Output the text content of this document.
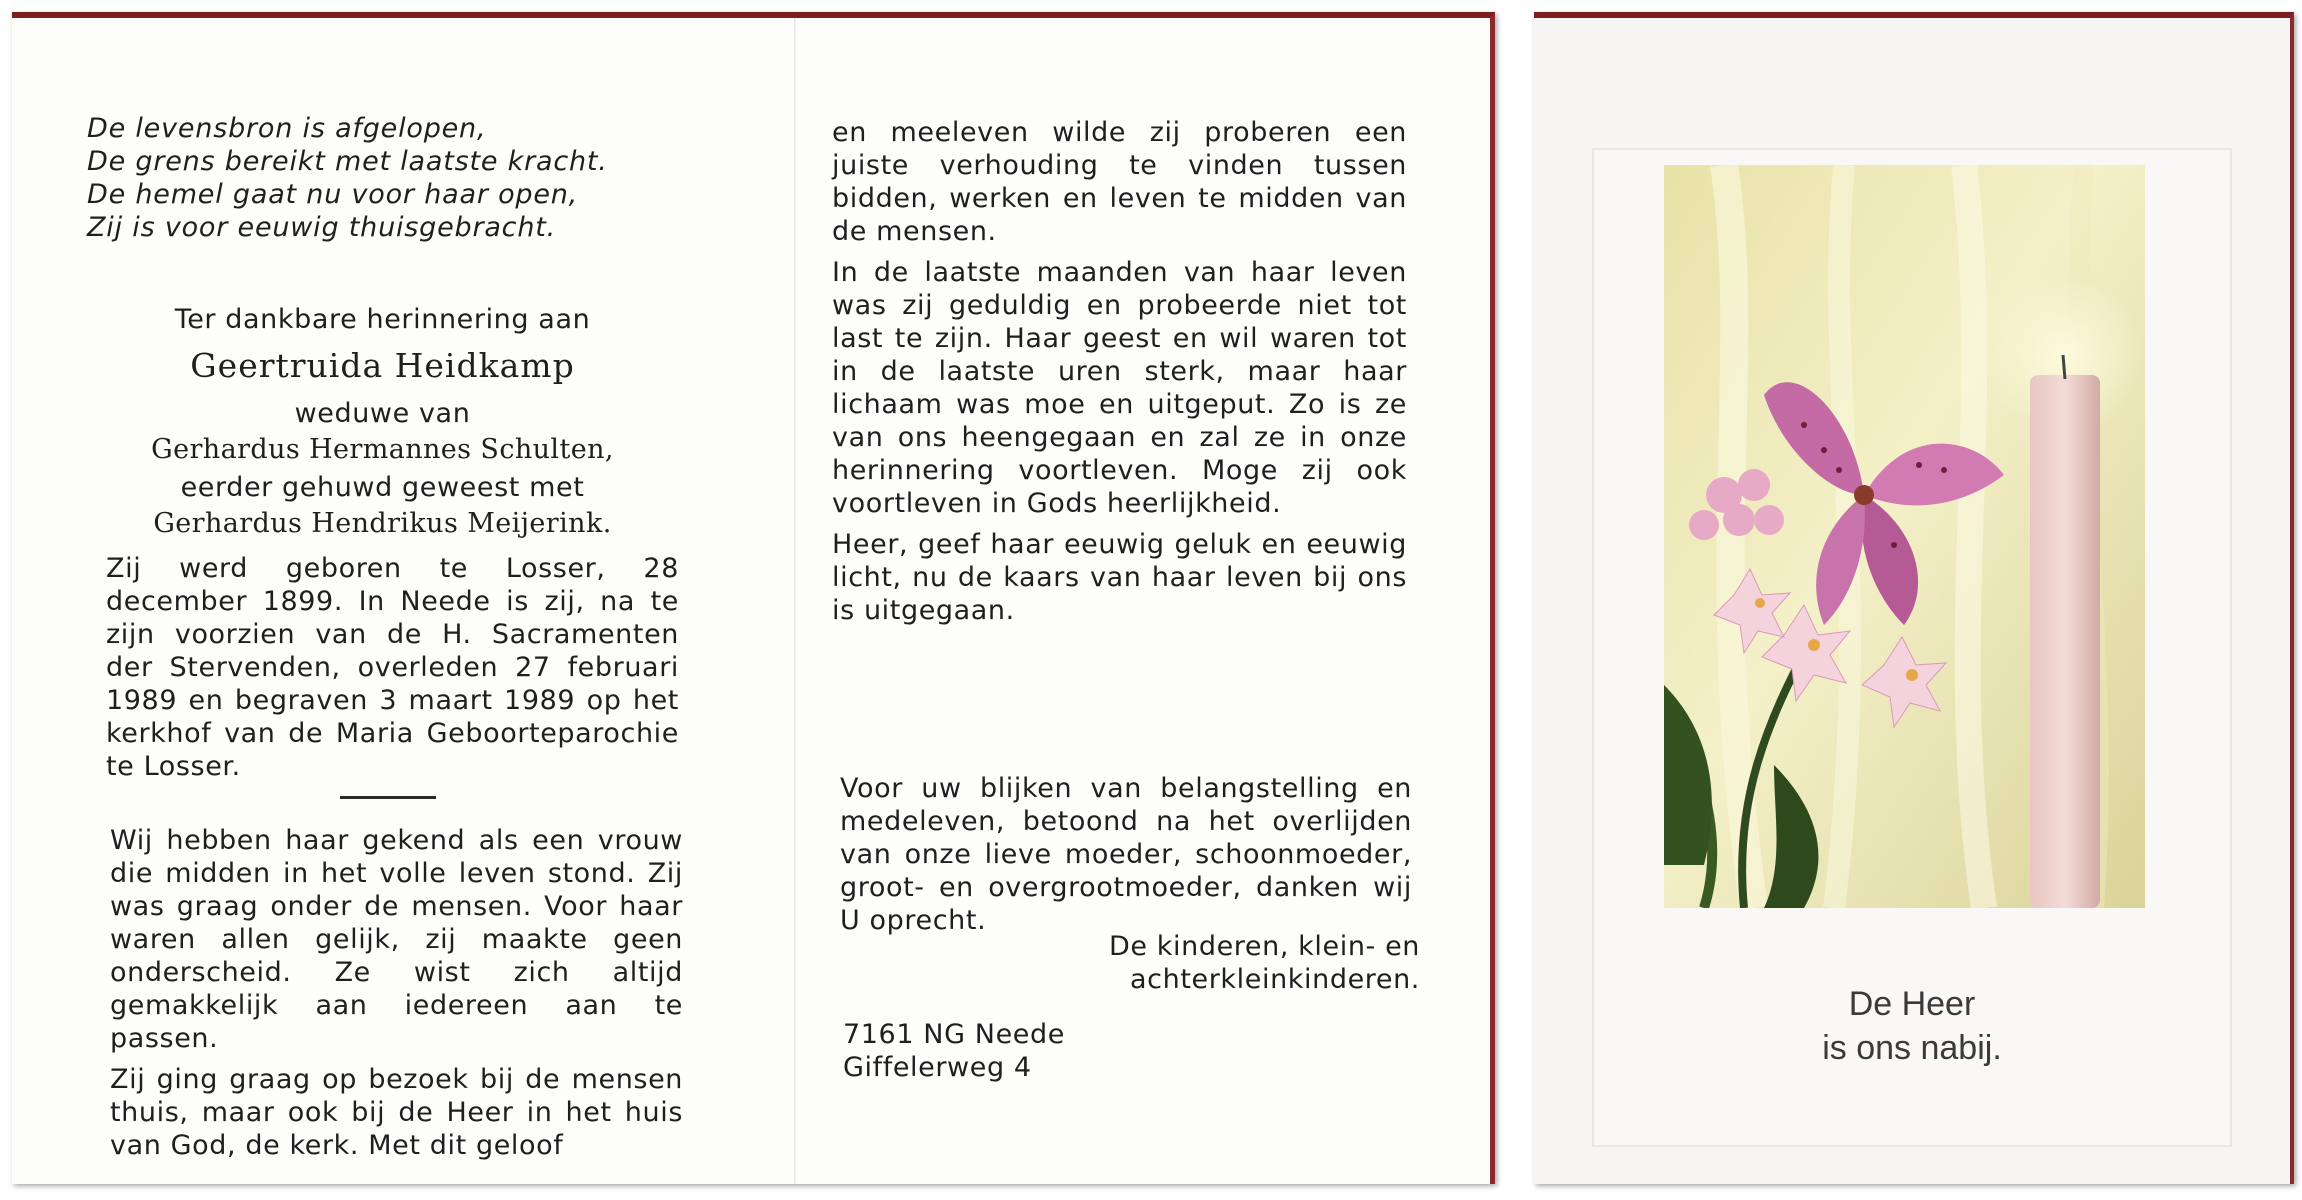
De levensbron is afgelopen,
De grens bereikt met laatste kracht.
De hemel gaat nu voor haar open,
Zij is voor eeuwig thuisgebracht.
Ter dankbare herinnering aan
Geertruida Heidkamp
weduwe van
Gerhardus Hermannes Schulten,
eerder gehuwd geweest met
Gerhardus Hendrikus Meijerink.

Zij werd geboren te Losser, 28 december 1899. In Neede is zij, na te zijn voorzien van de H. Sacramenten der Stervenden, overleden 27 februari 1989 en begraven 3 maart 1989 op het kerkhof van de Maria Geboorteparochie te Losser.

Wij hebben haar gekend als een vrouw die midden in het volle leven stond. Zij was graag onder de mensen. Voor haar waren allen gelijk, zij maakte geen onderscheid. Ze wist zich altijd gemakkelijk aan iedereen aan te passen.

Zij ging graag op bezoek bij de mensen thuis, maar ook bij de Heer in het huis van God, de kerk. Met dit geloof

en meeleven wilde zij proberen een juiste verhouding te vinden tussen bidden, werken en leven te midden van de mensen.

In de laatste maanden van haar leven was zij geduldig en probeerde niet tot last te zijn. Haar geest en wil waren tot in de laatste uren sterk, maar haar lichaam was moe en uitgeput. Zo is ze van ons heengegaan en zal ze in onze herinnering voortleven. Moge zij ook voortleven in Gods heerlijkheid.

Heer, geef haar eeuwig geluk en eeuwig licht, nu de kaars van haar leven bij ons is uitgegaan.

Voor uw blijken van belangstelling en medeleven, betoond na het overlijden van onze lieve moeder, schoonmoeder, groot- en overgrootmoeder, danken wij U oprecht.

De kinderen, klein- en
achterkleinkinderen.
7161 NG Neede
Giffelerweg 4
De Heer
is ons nabij.
